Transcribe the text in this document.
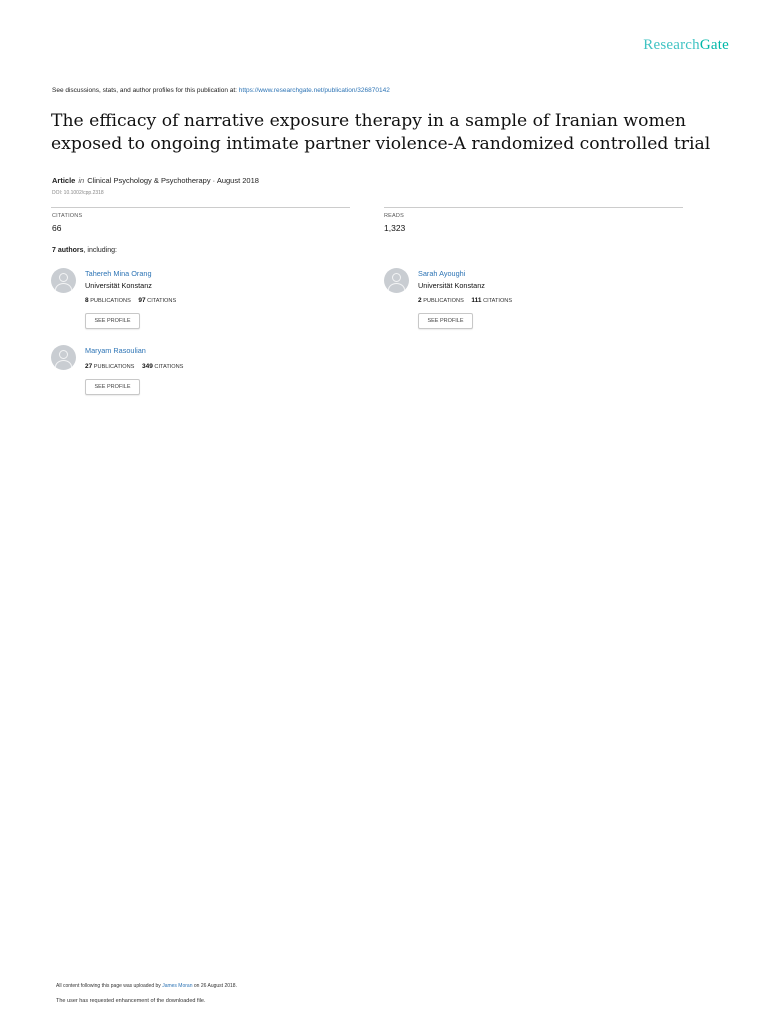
ResearchGate
See discussions, stats, and author profiles for this publication at: https://www.researchgate.net/publication/326870142
The efficacy of narrative exposure therapy in a sample of Iranian women exposed to ongoing intimate partner violence-A randomized controlled trial
Article in Clinical Psychology & Psychotherapy · August 2018
DOI: 10.1002/cpp.2318
CITATIONS
66
READS
1,323
7 authors, including:
Tahereh Mina Orang
Universität Konstanz
8 PUBLICATIONS 97 CITATIONS
SEE PROFILE
Sarah Ayoughi
Universität Konstanz
2 PUBLICATIONS 111 CITATIONS
SEE PROFILE
Maryam Rasoulian
27 PUBLICATIONS 349 CITATIONS
SEE PROFILE
All content following this page was uploaded by James Moran on 26 August 2018.
The user has requested enhancement of the downloaded file.
